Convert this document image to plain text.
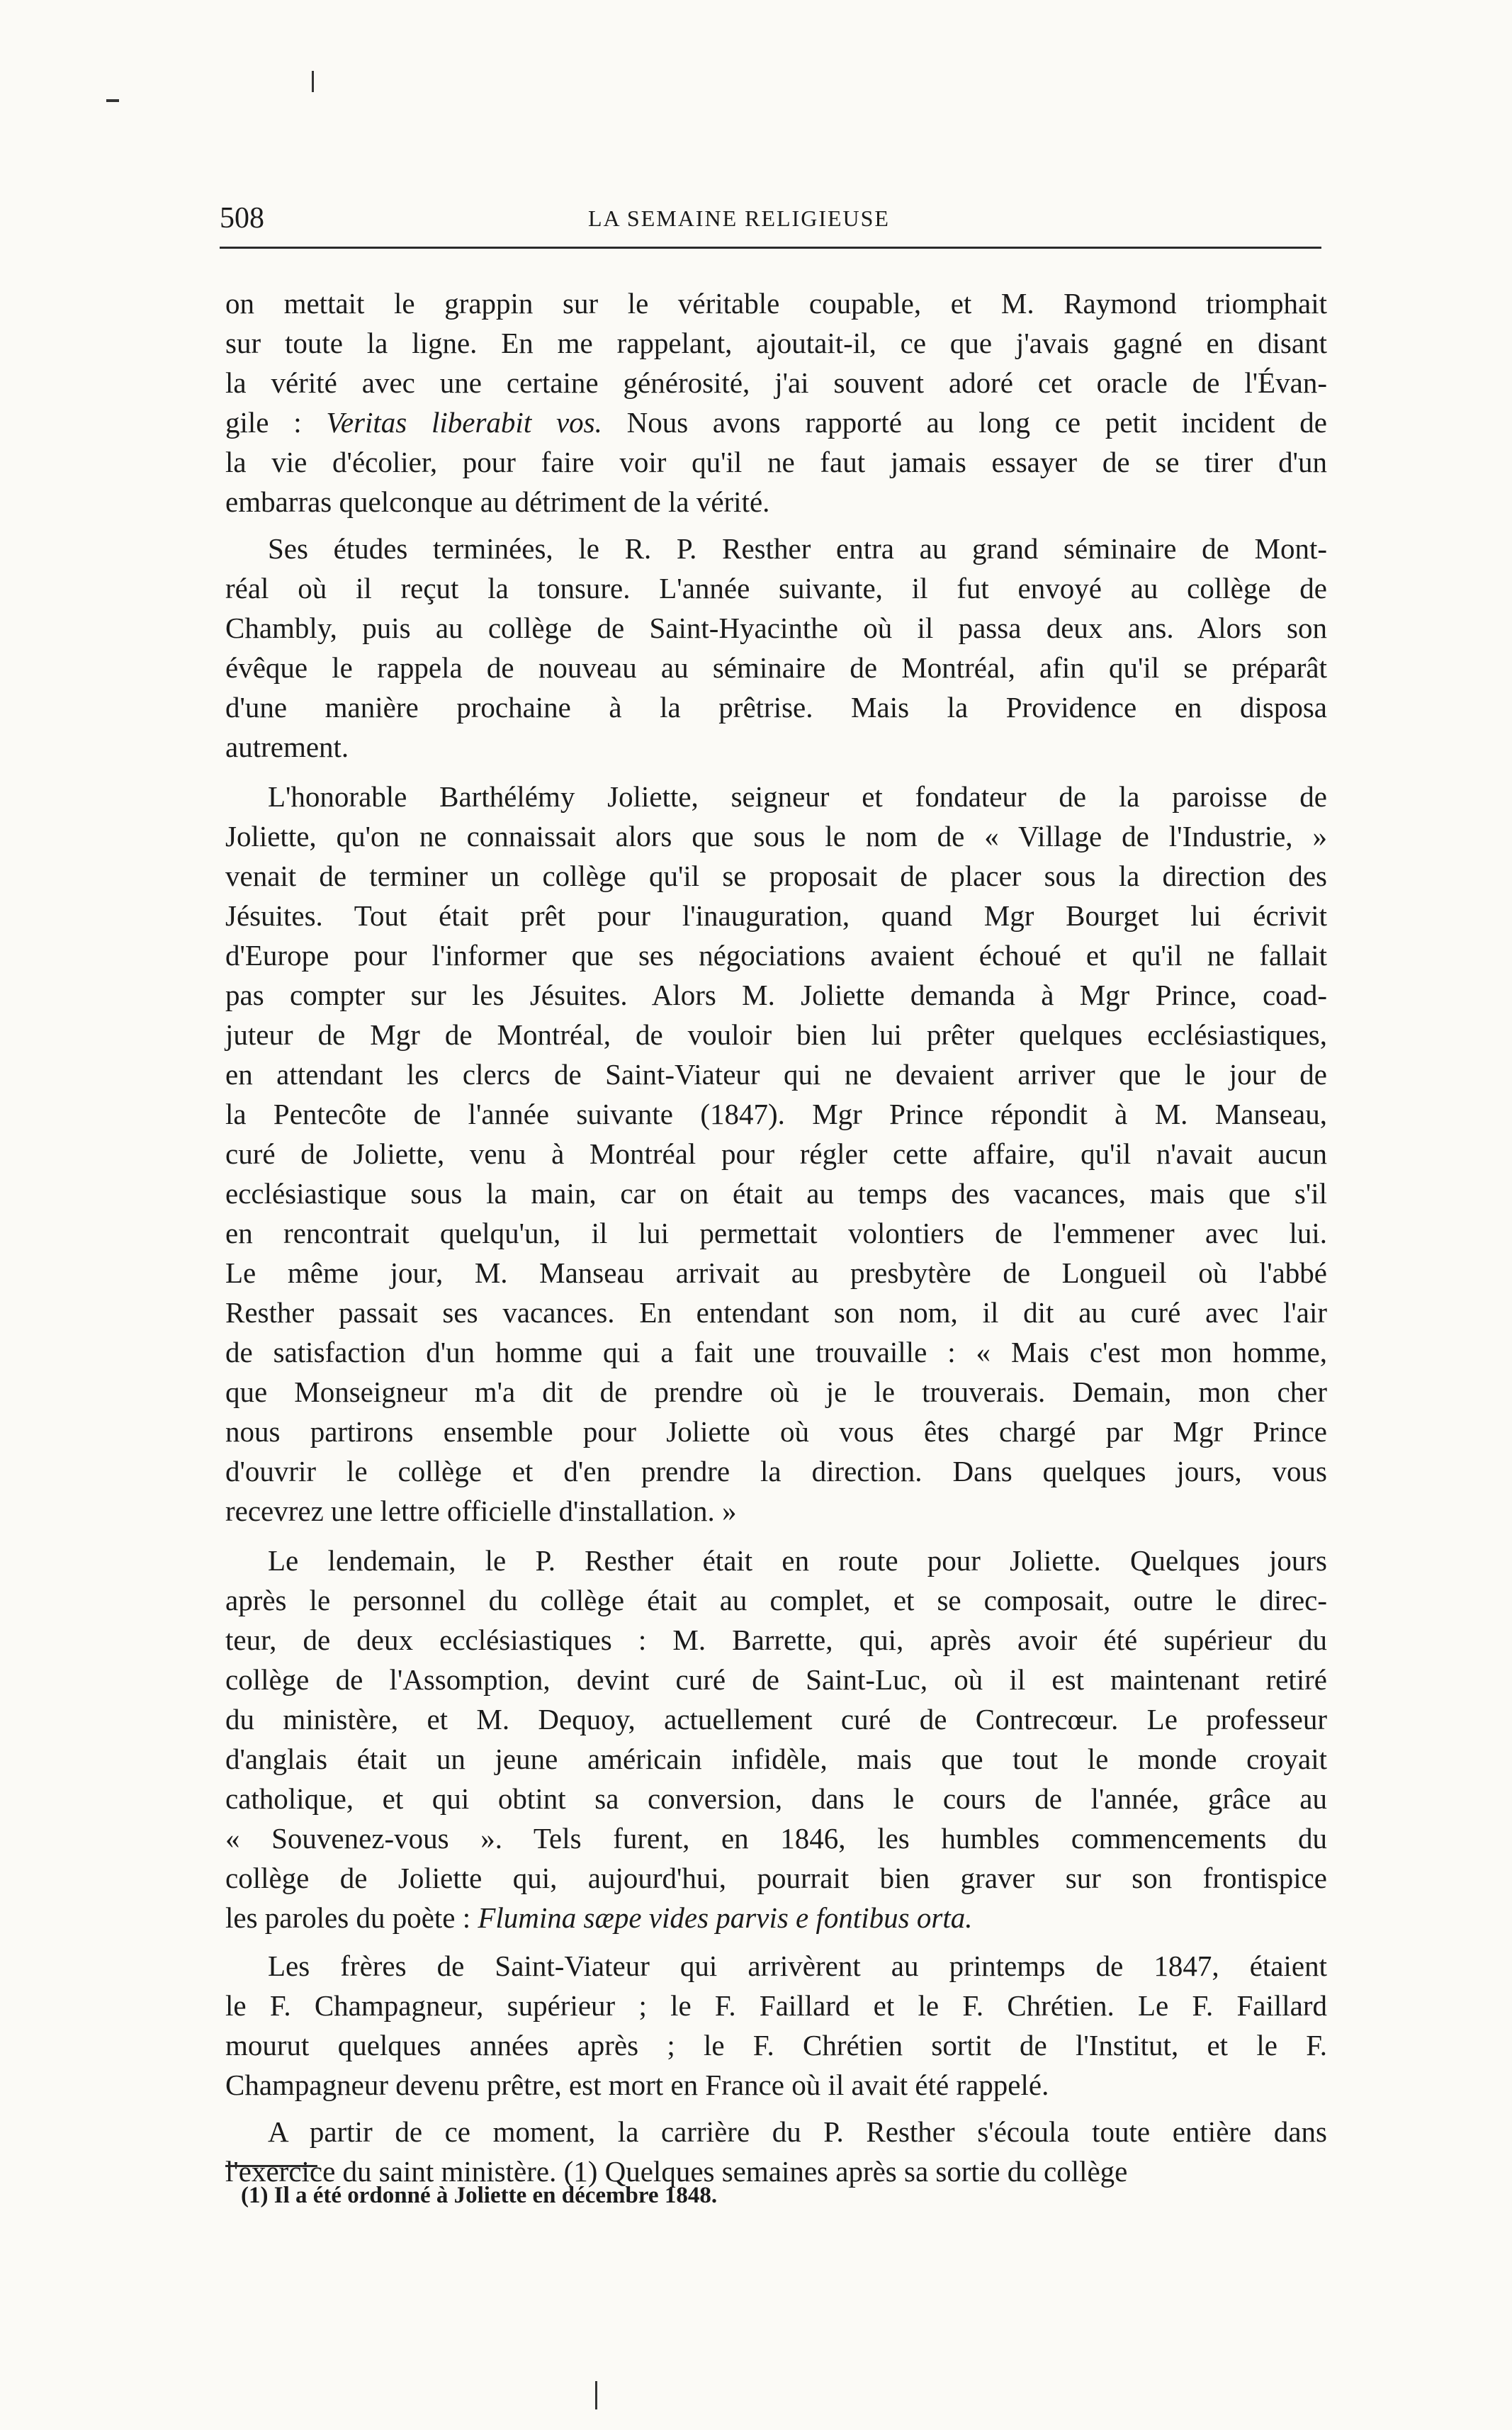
508	LA SEMAINE RELIGIEUSE
on mettait le grappin sur le véritable coupable, et M. Raymond triomphait
sur toute la ligne. En me rappelant, ajoutait-il, ce que j'avais gagné en disant
la vérité avec une certaine générosité, j'ai souvent adoré cet oracle de l'Évan-
gile : Veritas liberabit vos. Nous avons rapporté au long ce petit incident de
la vie d'écolier, pour faire voir qu'il ne faut jamais essayer de se tirer d'un
embarras quelconque au détriment de la vérité.
Ses études terminées, le R. P. Resther entra au grand séminaire de Mont-
réal où il reçut la tonsure. L'année suivante, il fut envoyé au collège de
Chambly, puis au collège de Saint-Hyacinthe où il passa deux ans. Alors son
évêque le rappela de nouveau au séminaire de Montréal, afin qu'il se préparât
d'une manière prochaine à la prêtrise. Mais la Providence en disposa
autrement.
L'honorable Barthélémy Joliette, seigneur et fondateur de la paroisse de
Joliette, qu'on ne connaissait alors que sous le nom de « Village de l'Industrie, »
venait de terminer un collège qu'il se proposait de placer sous la direction des
Jésuites. Tout était prêt pour l'inauguration, quand Mgr Bourget lui écrivit
d'Europe pour l'informer que ses négociations avaient échoué et qu'il ne fallait
pas compter sur les Jésuites. Alors M. Joliette demanda à Mgr Prince, coad-
juteur de Mgr de Montréal, de vouloir bien lui prêter quelques ecclésiastiques,
en attendant les clercs de Saint-Viateur qui ne devaient arriver que le jour de
la Pentecôte de l'année suivante (1847). Mgr Prince répondit à M. Manseau,
curé de Joliette, venu à Montréal pour régler cette affaire, qu'il n'avait aucun
ecclésiastique sous la main, car on était au temps des vacances, mais que s'il
en rencontrait quelqu'un, il lui permettait volontiers de l'emmener avec lui.
Le même jour, M. Manseau arrivait au presbytère de Longueil où l'abbé
Resther passait ses vacances. En entendant son nom, il dit au curé avec l'air
de satisfaction d'un homme qui a fait une trouvaille : « Mais c'est mon homme,
que Monseigneur m'a dit de prendre où je le trouverais. Demain, mon cher
nous partirons ensemble pour Joliette où vous êtes chargé par Mgr Prince
d'ouvrir le collège et d'en prendre la direction. Dans quelques jours, vous
recevrez une lettre officielle d'installation. »
Le lendemain, le P. Resther était en route pour Joliette. Quelques jours
après le personnel du collège était au complet, et se composait, outre le direc-
teur, de deux ecclésiastiques : M. Barrette, qui, après avoir été supérieur du
collège de l'Assomption, devint curé de Saint-Luc, où il est maintenant retiré
du ministère, et M. Dequoy, actuellement curé de Contrecœur. Le professeur
d'anglais était un jeune américain infidèle, mais que tout le monde croyait
catholique, et qui obtint sa conversion, dans le cours de l'année, grâce au
« Souvenez-vous ». Tels furent, en 1846, les humbles commencements du
collège de Joliette qui, aujourd'hui, pourrait bien graver sur son frontispice
les paroles du poète : Flumina sæpe vides parvis e fontibus orta.
Les frères de Saint-Viateur qui arrivèrent au printemps de 1847, étaient
le F. Champagneur, supérieur ; le F. Faillard et le F. Chrétien. Le F. Faillard
mourut quelques années après ; le F. Chrétien sortit de l'Institut, et le F.
Champagneur devenu prêtre, est mort en France où il avait été rappelé.
A partir de ce moment, la carrière du P. Resther s'écoula toute entière dans
l'exercice du saint ministère. (1) Quelques semaines après sa sortie du collège
(1) Il a été ordonné à Joliette en décembre 1848.
